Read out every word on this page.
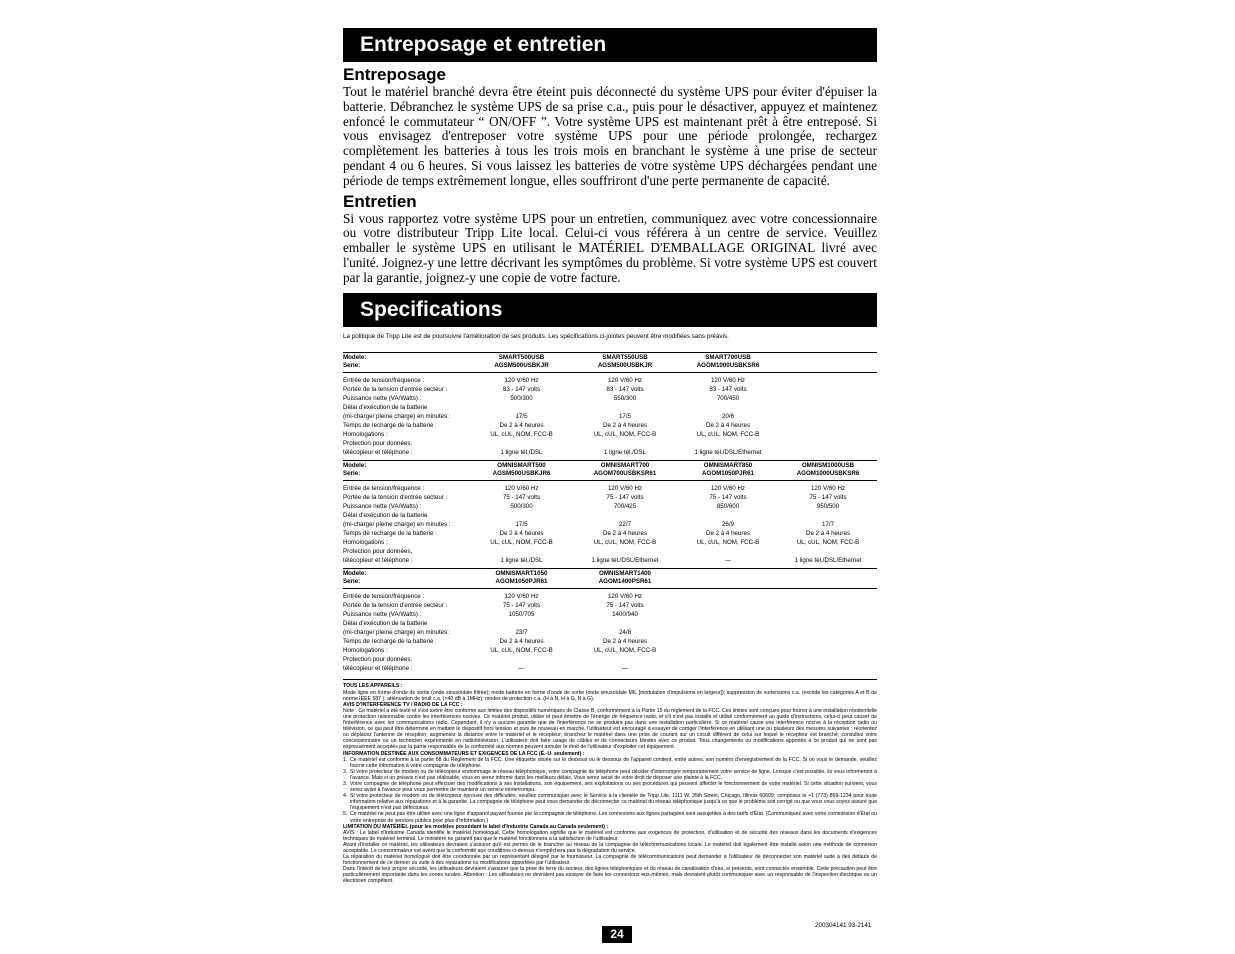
Entreposage et entretien
Entreposage

Tout le matériel branché devra être éteint puis déconnecté du système UPS pour éviter d'épuiser la batterie. Débranchez le système UPS de sa prise c.a., puis pour le désactiver, appuyez et maintenez enfoncé le commutateur “ ON/OFF ”. Votre système UPS est maintenant prêt à être entreposé. Si vous envisagez d'entreposer votre système UPS pour une période prolongée, rechargez complètement les batteries à tous les trois mois en branchant le système à une prise de secteur pendant 4 ou 6 heures. Si vous laissez les batteries de votre système UPS déchargées pendant une période de temps extrêmement longue, elles souffriront d'une perte permanente de capacité.

Entretien

Si vous rapportez votre système UPS pour un entretien, communiquez avec votre concessionnaire ou votre distributeur Tripp Lite local. Celui-ci vous référera à un centre de service. Veuillez emballer le système UPS en utilisant le MATÉRIEL D'EMBALLAGE ORIGINAL livré avec l'unité. Joignez-y une lettre décrivant les symptômes du problème. Si votre système UPS est couvert par la garantie, joignez-y une copie de votre facture.

Specifications
La politique de Tripp Lite est de poursuivre l'amélioration de ses produits. Les spécifications ci-jointes peuvent être modifiées sans préavis.
Modele:	SMART500USB	SMART550USB	SMART700USB	
Serie:	AGSM500USBKJR	AGSM500USBKJR	AGOM1000USBKSR6	
Entrée de tension/fréquence :	120 V/60 Hz	120 V/60 Hz	120 V/60 Hz	
Portée de la tension d'entrée secteur :	83 - 147 volts	83 - 147 volts	83 - 147 volts	
Puissance nette (VA/Watts) :	500/300	550/300	700/450	
Délai d'exécution de la batterie				
(mi-charge/ pleine charge) en minutes :	17/5	17/5	20/6	
Temps de recharge de la batterie :	De 2 à 4 heures	De 2 à 4 heures	De 2 à 4 heures	
Homologations :	UL, cUL, NOM, FCC-B	UL, cUL, NOM, FCC-B	UL, cUL, NOM, FCC-B	
Protection pour données,				
télécopieur et téléphone :	1 ligne tél./DSL	1 ligne tél./DSL	1 ligne tél./DSL/Ethernet	
Modele:	OMNISMART500	OMNISMART700	OMNISMART850	OMNISM1000USB
Serie:	AGSM500USBKJR6	AGOM700USBKSR61	AGOM1050PJR61	AGOM1000USBKSR6
Entrée de tension/fréquence :	120 V/60 Hz	120 V/60 Hz	120 V/60 Hz	120 V/60 Hz
Portée de la tension d'entrée secteur :	75 - 147 volts	75 - 147 volts	75 - 147 volts	75 - 147 volts
Puissance nette (VA/Watts) :	500/300	700/425	850/600	950/500
Délai d'exécution de la batterie				
(mi-charge/ pleine charge) en minutes :	17/5	22/7	26/9	17/7
Temps de recharge de la batterie :	De 2 à 4 heures	De 2 à 4 heures	De 2 à 4 heures	De 2 à 4 heures
Homologations :	UL, cUL, NOM, FCC-B	UL, cUL, NOM, FCC-B	UL, cUL, NOM, FCC-B	UL, cUL, NOM, FCC-B
Protection pour données,				
télécopieur et téléphone :	1 ligne tél./DSL	1 ligne tél./DSL/Ethernet	—	1 ligne tél./DSL/Ethernet
Modele:	OMNISMART1050	OMNISMART1400		
Serie:	AGOM1050PJR61	AGOM1400PSR61		
Entrée de tension/fréquence :	120 V/60 Hz	120 V/60 Hz		
Portée de la tension d'entrée secteur :	75 - 147 volts	75 - 147 volts		
Puissance nette (VA/Watts) :	1050/705	1400/940		
Délai d'exécution de la batterie				
(mi-charge/ pleine charge) en minutes :	23/7	24/8		
Temps de recharge de la batterie :	De 2 à 4 heures	De 2 à 4 heures		
Homologations :	UL, cUL, NOM, FCC-B	UL, cUL, NOM, FCC-B		
Protection pour données,				
télécopieur et téléphone :	—	—		
TOUS LES APPAREILS :
Mode ligne en forme d'onde de sortie (onde sinusoïdale filtrée); mode batterie en forme d'onde de sortie (onde sinusoïdale MIL [modulation d'impulsions en largeur]); suppression de surtensions c.a. (excède les catégories A et B de norme IEEE 587 ); atténuation de bruit c.a. (>40 dB à 1MHz); modes de protection c.a. (H à N, H à G, N à G).
AVIS D'INTERFÉRENCE TV / RADIO DE LA FCC :
Note : Ce matériel a été testé et s'est avéré être conforme aux limites des dispositifs numériques de Classe B, conformément à la Partie 15 du règlement de la FCC. Ces limites sont conçues pour fournir à une installation résidentielle une protection raisonnable contre les interférences nocives. Ce matériel produit, utilise et peut émettre de l'énergie de fréquence radio, et s'il n'est pas installé et utilisé conformément au guide d'instructions, celui-ci peut causer de l'interférence avec les communications radio. Cependant, il n'y a aucune garantie que de l'interférence ne se produira pas dans une installation particulière. Si ce matériel cause une interférence nocive à la réception radio ou télévision, ce qui peut être déterminé en mettant le dispositif hors tension et puis de nouveau en marche, l'utilisateur est encouragé à essayer de corriger l'interférence en utilisant une ou plusieurs des mesures suivantes : réorientez ou déplacez l'antenne de réception; augmentez la distance entre le matériel et le récepteur; branchez le matériel dans une prise de courant sur un circuit différent de celui sur lequel le récepteur est branché; consultez votre concessionnaire ou un technicien expérimenté en radio/télévision. L'utilisateur doit faire usage de câbles et de connecteurs blindés avec ce produit. Tous changements ou modifications apportés à ce produit qui ne sont pas expressément acceptés par la partie responsable de la conformité aux normes peuvent annuler le droit de l'utilisateur d'exploiter cet équipement.
INFORMATION DESTINÉE AUX CONSOMMATEURS ET EXIGENCES DE LA FCC (É.-U. seulement) :
1. Ce matériel est conforme à la partie 68 du Règlement de la FCC. Une étiquette située sur le dessous ou le dessous de l'appareil contient, entre autres, son numéro d'enregistrement de la FCC. Si on vous le demande, veuillez fournir cette information à votre compagnie de téléphone.
2. Si votre protecteur de modem ou de télécopieur endommage le réseau téléphonique, votre compagnie de téléphone peut décider d'interrompre temporairement votre service de ligne. Lorsque c'est possible, ils vous informeront à l'avance. Mais si un préavis n'est pas réalisable, vous en serez informé dans les meilleurs délais. Vous serez avisé de votre droit de déposer une plainte à la FCC.
3. Votre compagnie de téléphone peut effectuer des modifications à ses installations, son équipement, ses exploitations ou ses procédures qui peuvent affecter le fonctionnement de votre matériel. Si cette situation survient, vous serez avisé à l'avance pour vous permettre de maintenir un service ininterrompu.
4. Si votre protecteur de modem ou de télécopieur éprouve des difficultés, veuillez communiquer avec le Service à la clientèle de Tripp Lite, 1111 W. 35th Street, Chicago, Illinois 60609; composez le +1 (773) 869-1234 pour toute information relative aux réparations et à la garantie. La compagnie de téléphone peut vous demander de déconnecter ce matériel du réseau téléphonique jusqu'à ce que le problème soit corrigé ou que vous vous soyez assuré que l'équipement n'est pas défectueux.
5. Ce matériel ne peut pas être utilisé avec une ligne d'appareil payant fournie par la compagnie de téléphone. Les connexions aux lignes partagées sont assujetties à des tarifs d'État. (Communiquez avec votre commission d'État ou votre entreprise de services publics pour plus d'information.)
LIMITATION DU MATÉRIEL (pour les modèles possédant le label d'Industrie Canada au Canada seulement) :
AVIS : Le label d'Industrie Canada identifie le matériel homologué. Cette homologation signifie que le matériel est conforme aux exigences de protection, d'utilisation et de sécurité des réseaux dans les documents d'exigences techniques de matériel terminal. Le ministère ne garantit pas que le matériel fonctionnera à la satisfaction de l'utilisateur.
Avant d'installer ce matériel, les utilisateurs devraient s'assurer qu'il est permis de le brancher au réseau de la compagnie de télécommunications locale. Le matériel doit également être installé selon une méthode de connexion acceptable. Le consommateur est averti que la conformité aux conditions ci-dessus n'empêchera pas la dégradation du service.
La réparation du matériel homologué doit être coordonnée par un représentant désigné par le fournisseur. La compagnie de télécommunications peut demander à l'utilisateur de déconnecter son matériel suite à des défauts de fonctionnement de ce dernier ou suite à des réparations ou modifications apportées par l'utilisateur.
Dans l'intérêt de leur propre sécurité, les utilisateurs devraient s'assurer que la prise de terre du secteur, des lignes téléphoniques et du réseau de canalisation d'eau, si présents, sont connectés ensemble. Cette précaution peut être particulièrement importante dans les zones rurales. Attention : Les utilisateurs ne devraient pas essayer de faire les connexions eux-mêmes, mais devraient plutôt communiquer avec un responsable de l'inspection électrique ou un électricien compétent.
24
200304141 93-2141
